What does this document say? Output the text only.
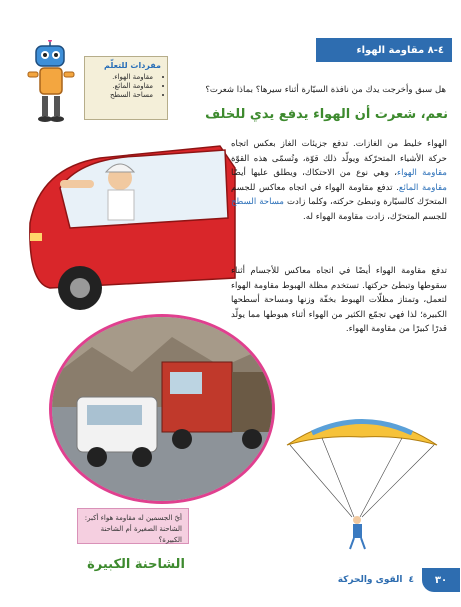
٤-٨ مقاومة الهواء
مفردات للتعلّم
• مقاومة الهواء.
• مقاومة المائع.
• مساحة السطح	هل سبق وأخرجت يدك من نافذة السيّارة أثناء سيرها؟ بماذا شعرت؟
نعم، شعرت أن الهواء يدفع يدي للخلف
الهواء خليط من الغازات. تدفع جزيئات الغاز بعكس اتجاه حركة الأشياء المتحرّكة ويولّد ذلك قوّة، وتُسمّى هذه القوّة مقاومة الهواء، وهي نوع من الاحتكاك، ويطلق عليها أيضًا مقاومة المائع. تدفع مقاومة الهواء في اتجاه معاكس للجسم المتحرّك كالسيّارة وتبطئ حركته، وكلما زادت مساحة السطح للجسم المتحرّك، زادت مقاومة الهواء له.
تدفع مقاومة الهواء أيضًا في اتجاه معاكس للأجسام أثناء سقوطها وتبطئ حركتها. تستخدم مظلة الهبوط مقاومة الهواء لتعمل، وتمتاز مظلّات الهبوط بخفّة وزنها ومساحة أسطحها الكبيرة؛ لذا فهي تجمّع الكثير من الهواء أثناء هبوطها مما يولّد قدرًا كبيرًا من مقاومة الهواء.
أيّ الجسمين له مقاومة هواء أكبر: الشاحنة الصغيرة أم الشاحنة الكبيرة؟
الشاحنة الكبيرة
٣٠
٤
القوى والحركة
